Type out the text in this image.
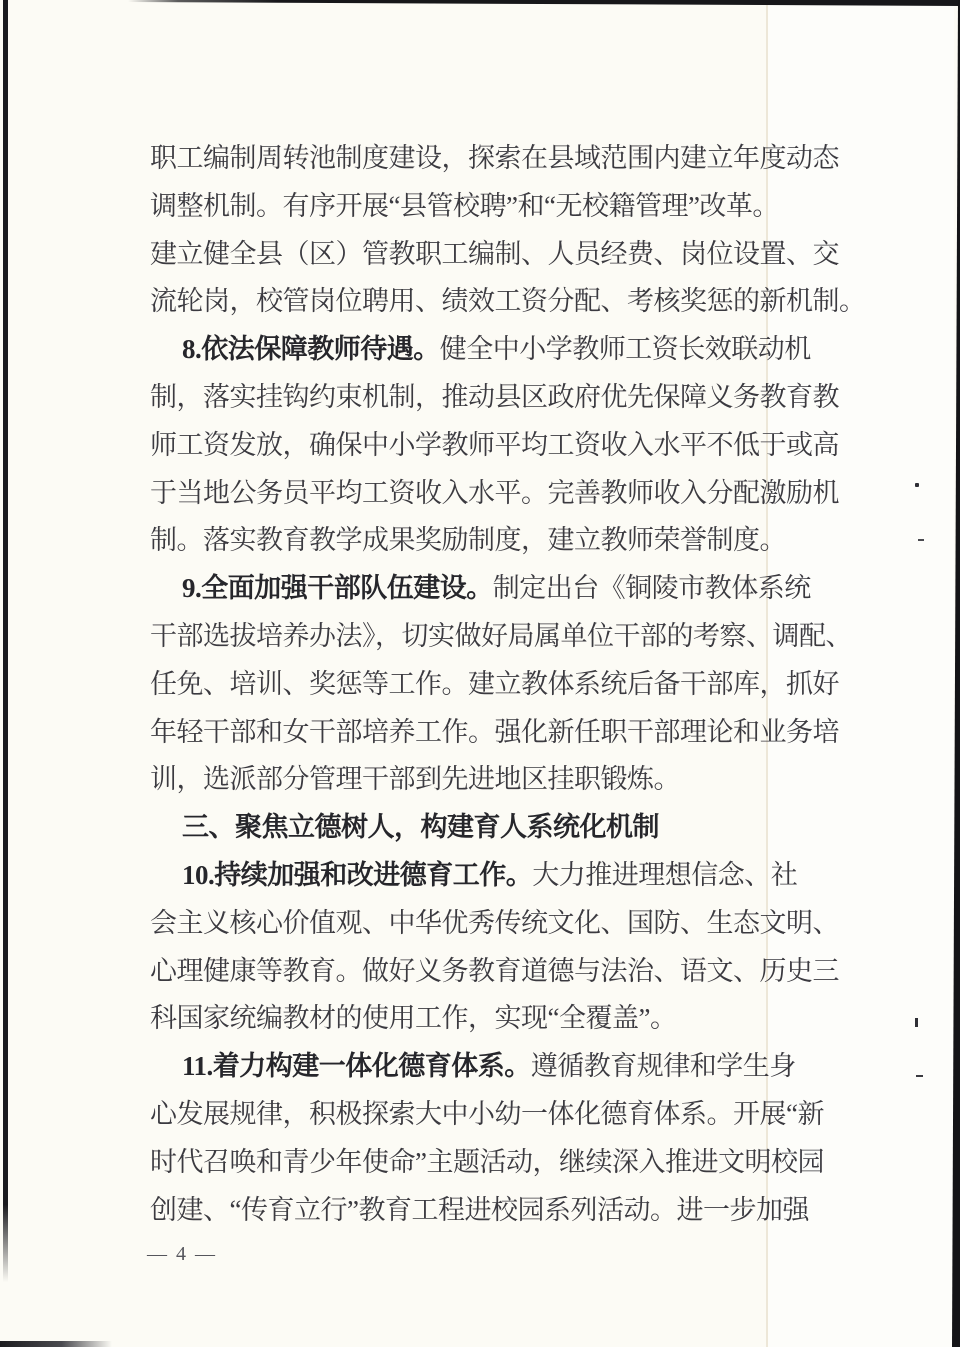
职工编制周转池制度建设，探索在县域范围内建立年度动态
调整机制。有序开展“县管校聘”和“无校籍管理”改革。
建立健全县（区）管教职工编制、人员经费、岗位设置、交
流轮岗，校管岗位聘用、绩效工资分配、考核奖惩的新机制。
8.依法保障教师待遇。健全中小学教师工资长效联动机
制，落实挂钩约束机制，推动县区政府优先保障义务教育教
师工资发放，确保中小学教师平均工资收入水平不低于或高
于当地公务员平均工资收入水平。完善教师收入分配激励机
制。落实教育教学成果奖励制度，建立教师荣誉制度。
9.全面加强干部队伍建设。制定出台《铜陵市教体系统
干部选拔培养办法》，切实做好局属单位干部的考察、调配、
任免、培训、奖惩等工作。建立教体系统后备干部库，抓好
年轻干部和女干部培养工作。强化新任职干部理论和业务培
训，选派部分管理干部到先进地区挂职锻炼。
三、聚焦立德树人，构建育人系统化机制
10.持续加强和改进德育工作。大力推进理想信念、社
会主义核心价值观、中华优秀传统文化、国防、生态文明、
心理健康等教育。做好义务教育道德与法治、语文、历史三
科国家统编教材的使用工作，实现“全覆盖”。
11.着力构建一体化德育体系。遵循教育规律和学生身
心发展规律，积极探索大中小幼一体化德育体系。开展“新
时代召唤和青少年使命”主题活动，继续深入推进文明校园
创建、“传育立行”教育工程进校园系列活动。进一步加强
— 4 —
